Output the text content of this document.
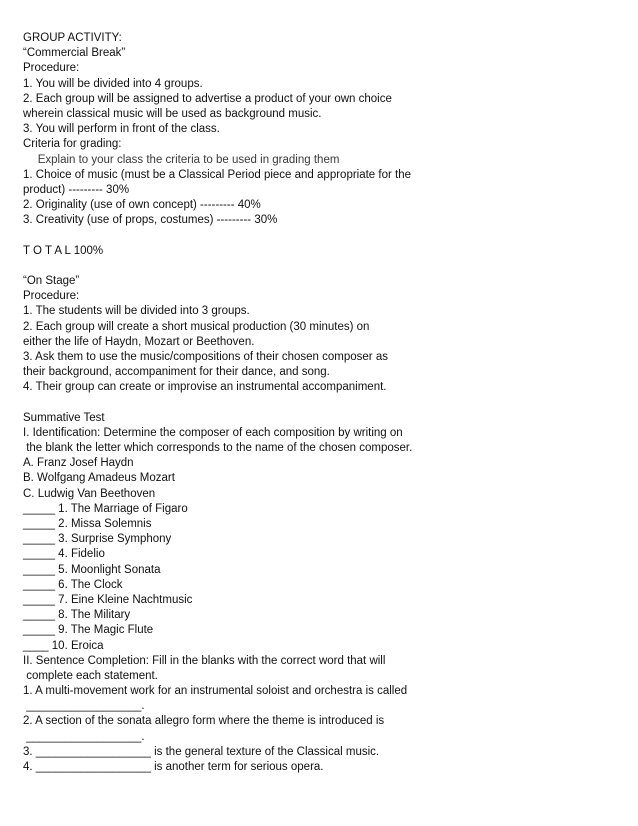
GROUP ACTIVITY:
“Commercial Break”
Procedure:
1. You will be divided into 4 groups.
2. Each group will be assigned to advertise a product of your own choice
wherein classical music will be used as background music.
3. You will perform in front of the class.
Criteria for grading:
  Explain to your class the criteria to be used in grading them
1. Choice of music (must be a Classical Period piece and appropriate for the
product) --------- 30%
2. Originality (use of own concept) --------- 40%
3. Creativity (use of props, costumes) --------- 30%
T O T A L 100%
“On Stage”
Procedure:
1. The students will be divided into 3 groups.
2. Each group will create a short musical production (30 minutes) on
either the life of Haydn, Mozart or Beethoven.
3. Ask them to use the music/compositions of their chosen composer as
their background, accompaniment for their dance, and song.
4. Their group can create or improvise an instrumental accompaniment.
Summative Test
I. Identification: Determine the composer of each composition by writing on
the blank the letter which corresponds to the name of the chosen composer.
A. Franz Josef Haydn
B. Wolfgang Amadeus Mozart
C. Ludwig Van Beethoven
_____ 1. The Marriage of Figaro
_____ 2. Missa Solemnis
_____ 3. Surprise Symphony
_____ 4. Fidelio
_____ 5. Moonlight Sonata
_____ 6. The Clock
_____ 7. Eine Kleine Nachtmusic
_____ 8. The Military
_____ 9. The Magic Flute
____ 10. Eroica
II. Sentence Completion: Fill in the blanks with the correct word that will
complete each statement.
1. A multi-movement work for an instrumental soloist and orchestra is called
__________________.
2. A section of the sonata allegro form where the theme is introduced is
__________________.
3. __________________ is the general texture of the Classical music.
4. __________________ is another term for serious opera.
